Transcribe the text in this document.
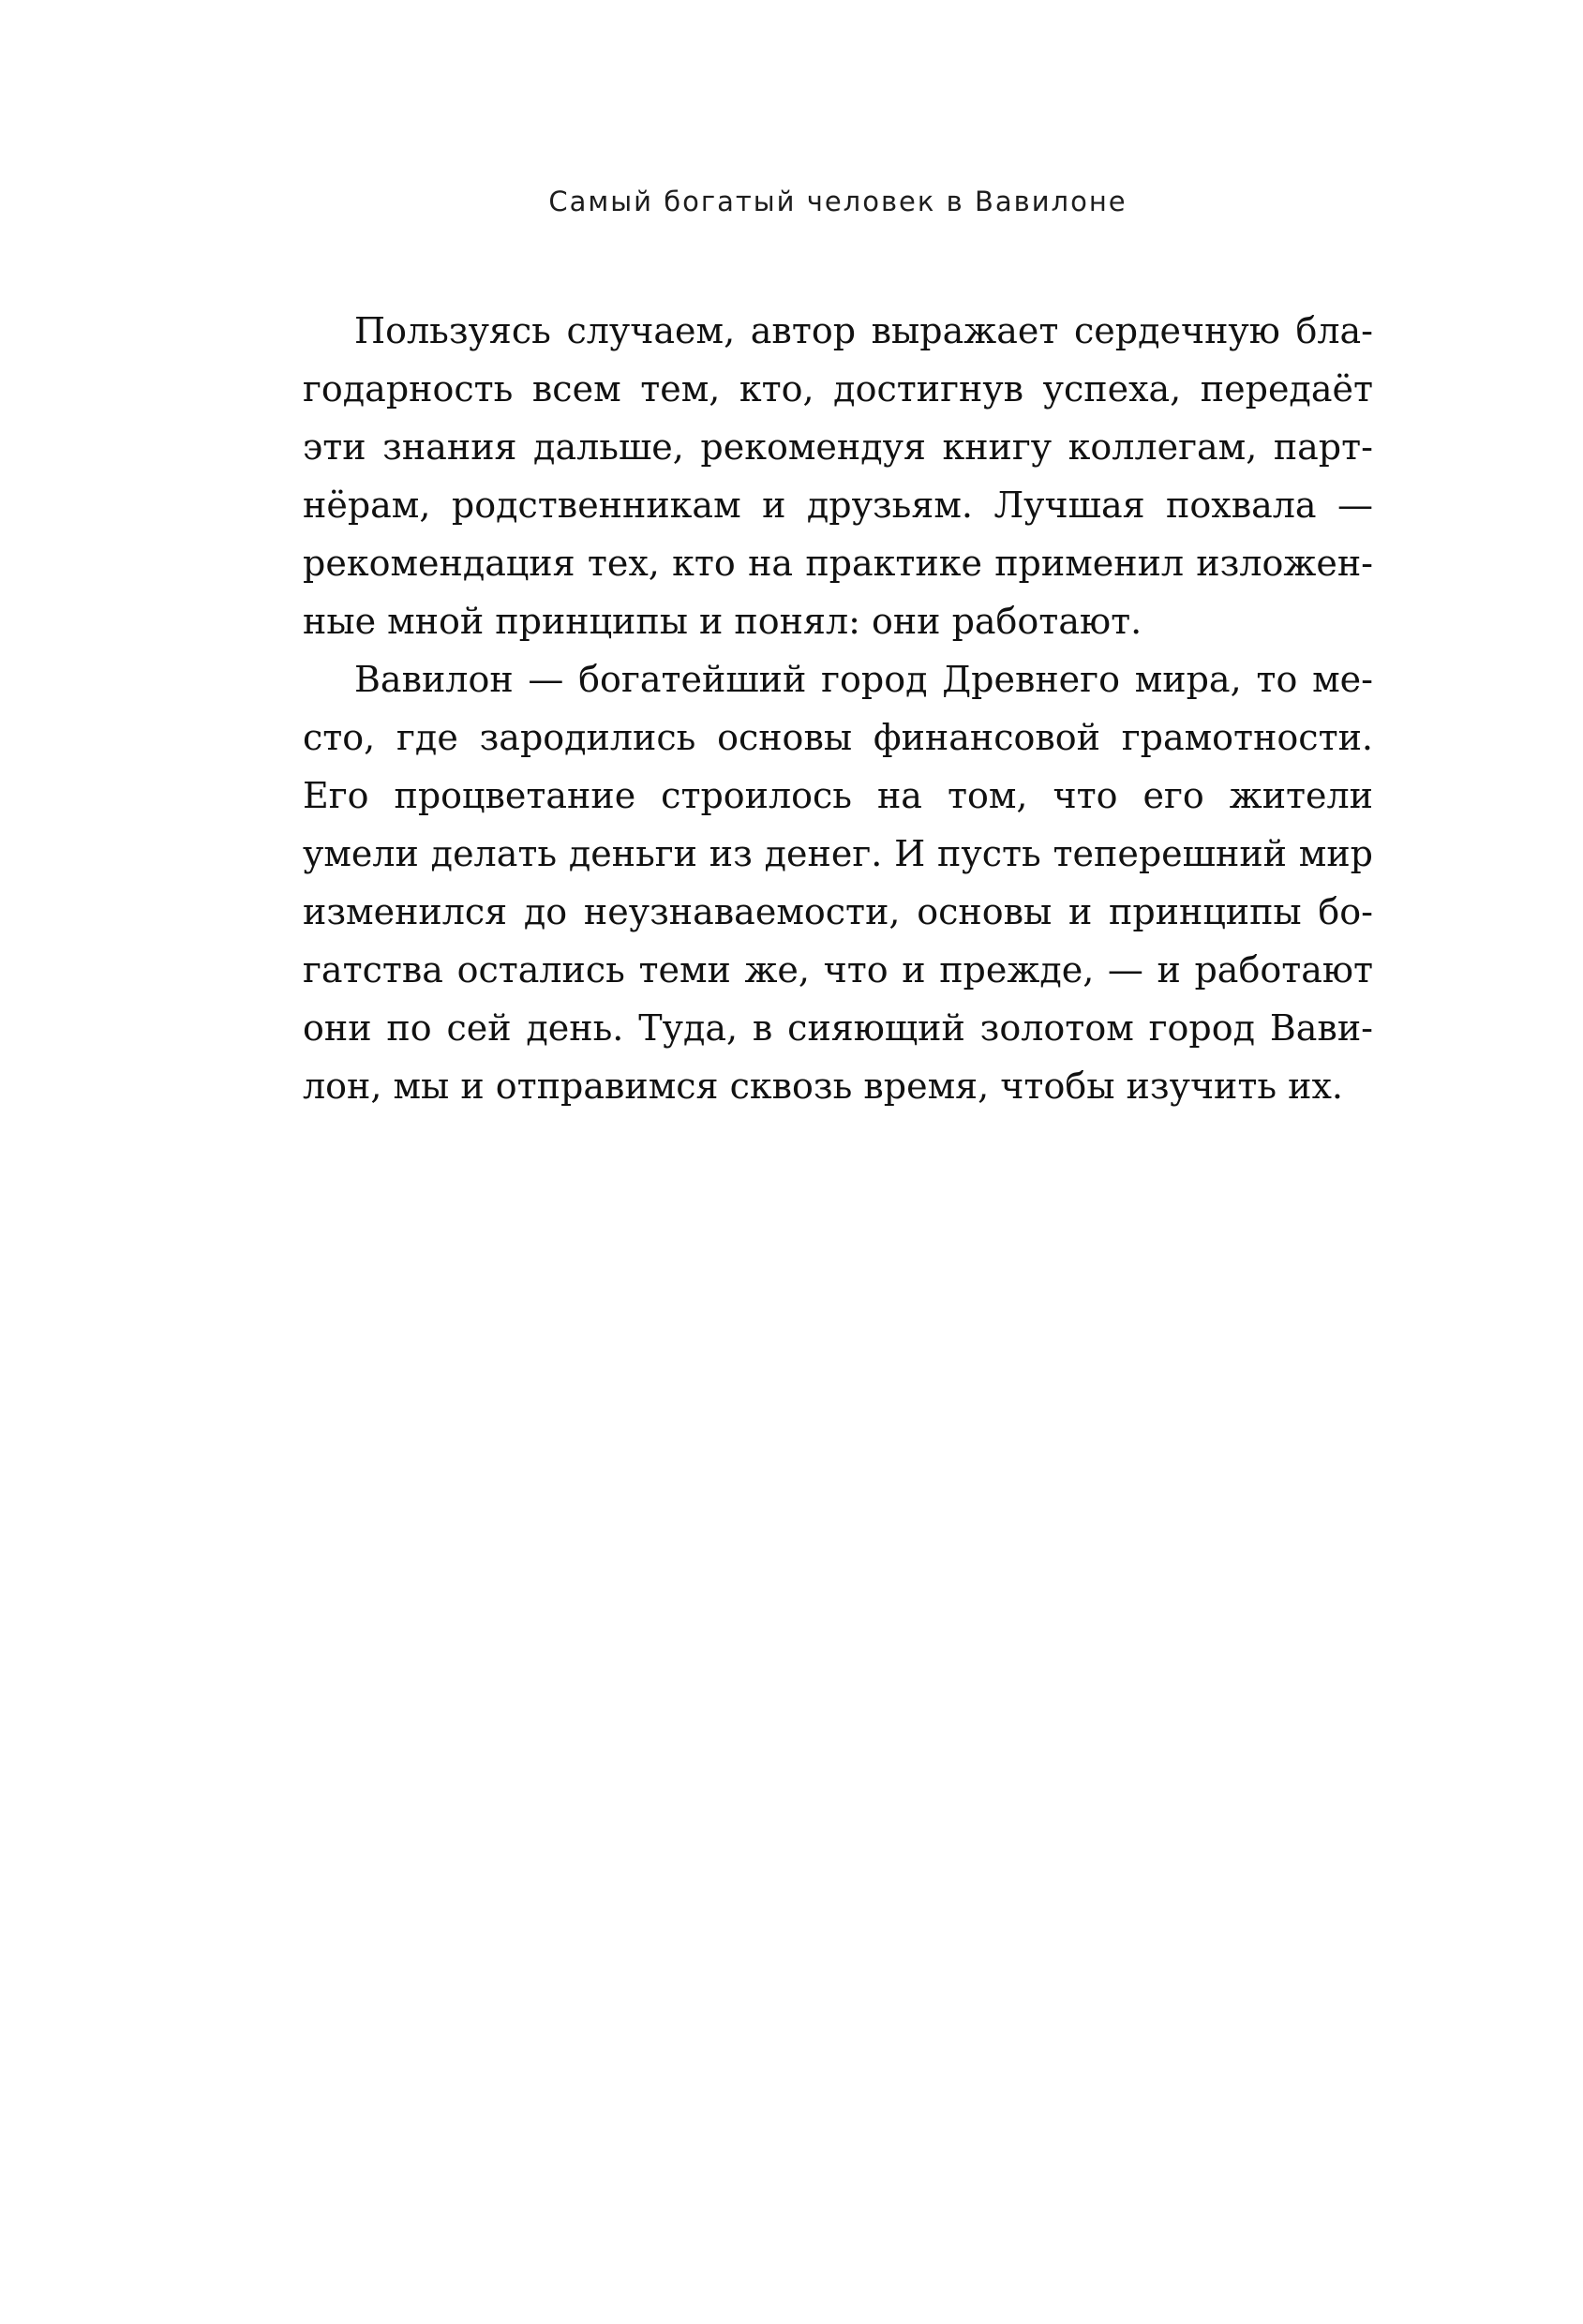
Самый богатый человек в Вавилоне
Пользуясь случаем, автор выражает сердечную бла-
годарность всем тем, кто, достигнув успеха, передаёт
эти знания дальше, рекомендуя книгу коллегам, парт-
нёрам, родственникам и друзьям. Лучшая похвала —
рекомендация тех, кто на практике применил изложен-
ные мной принципы и понял: они работают.
Вавилон — богатейший город Древнего мира, то ме-
сто, где зародились основы финансовой грамотности.
Его процветание строилось на том, что его жители
умели делать деньги из денег. И пусть теперешний мир
изменился до неузнаваемости, основы и принципы бо-
гатства остались теми же, что и прежде, — и работают
они по сей день. Туда, в сияющий золотом город Вави-
лон, мы и отправимся сквозь время, чтобы изучить их.
